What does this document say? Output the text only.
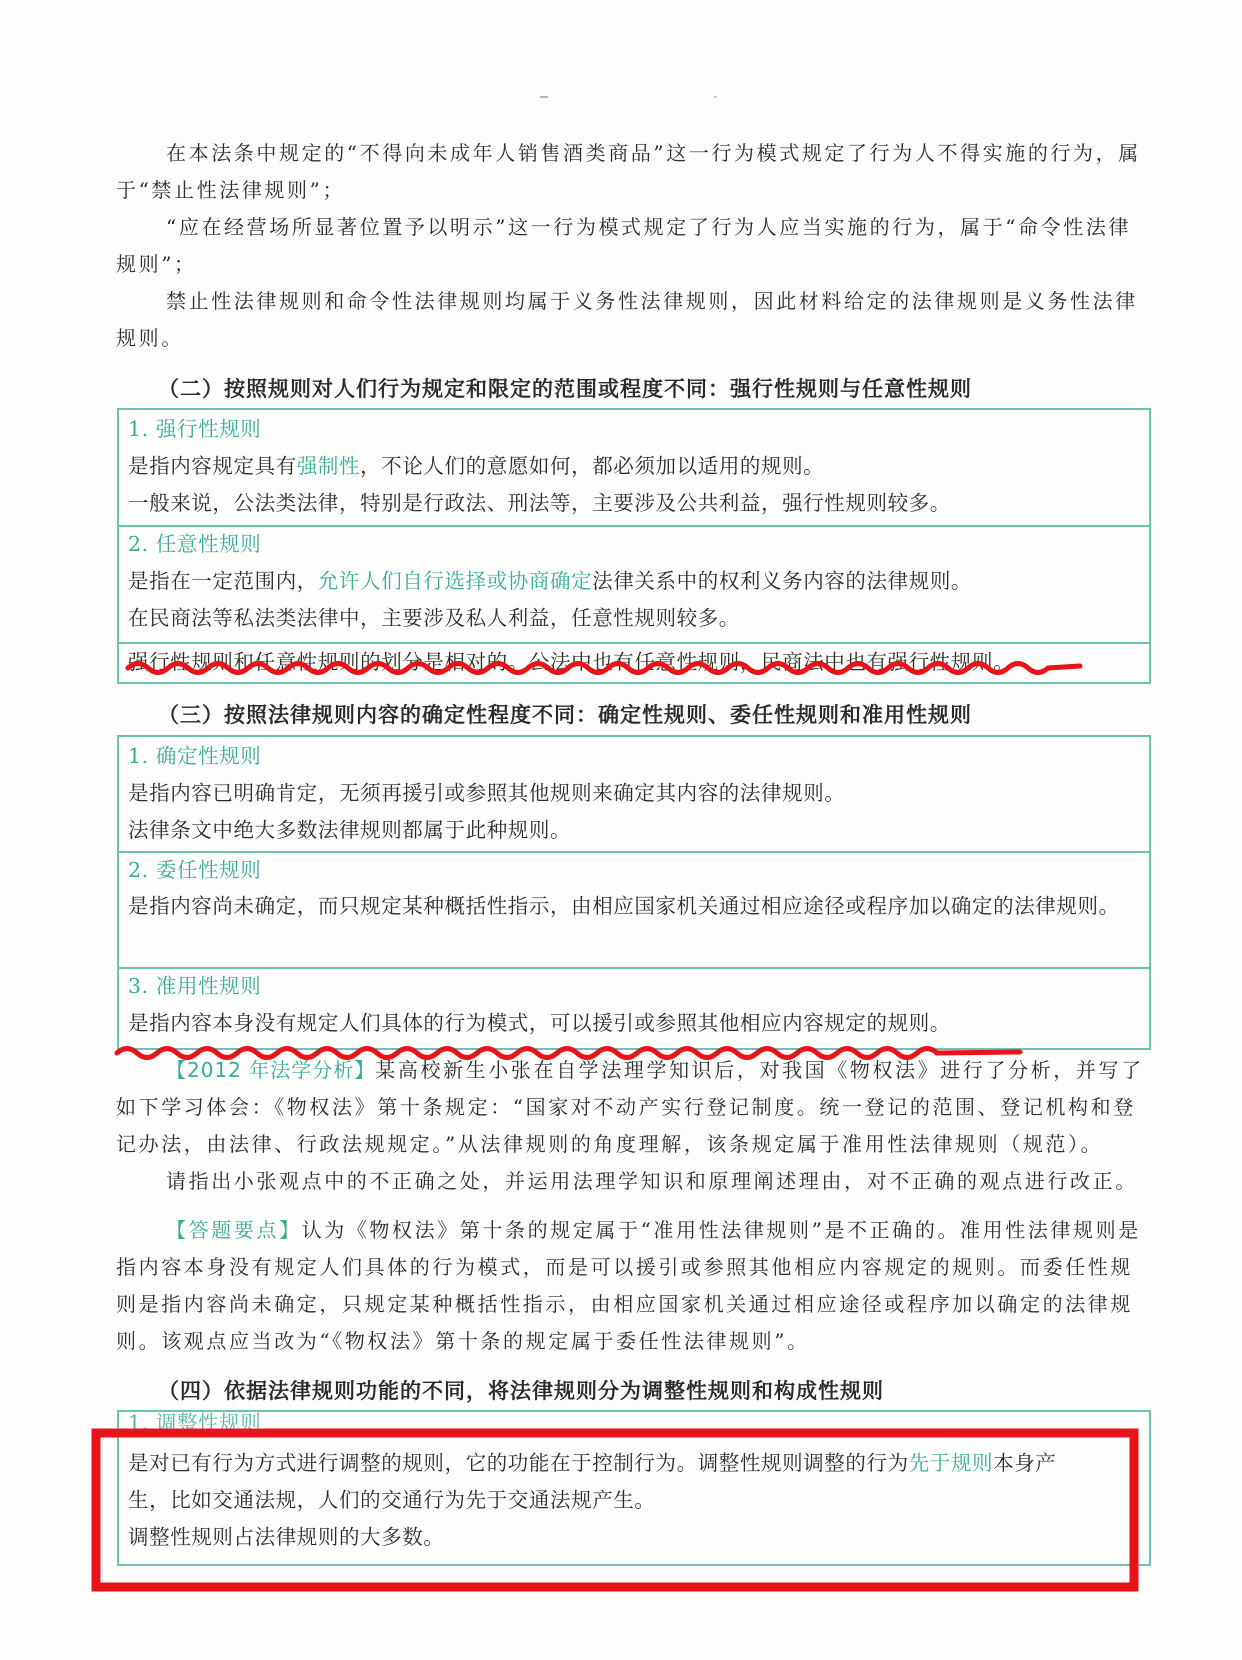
在本法条中规定的“不得向未成年人销售酒类商品”这一行为模式规定了行为人不得实施的行为，属于“禁止性法律规则”；
“应在经营场所显著位置予以明示”这一行为模式规定了行为人应当实施的行为，属于“命令性法律规则”；
禁止性法律规则和命令性法律规则均属于义务性法律规则，因此材料给定的法律规则是义务性法律规则。
（二）按照规则对人们行为规定和限定的范围或程度不同：强行性规则与任意性规则
1. 强行性规则
是指内容规定具有强制性，不论人们的意愿如何，都必须加以适用的规则。
一般来说，公法类法律，特别是行政法、刑法等，主要涉及公共利益，强行性规则较多。
2. 任意性规则
是指在一定范围内，允许人们自行选择或协商确定法律关系中的权利义务内容的法律规则。
在民商法等私法类法律中，主要涉及私人利益，任意性规则较多。
强行性规则和任意性规则的划分是相对的。公法中也有任意性规则，民商法中也有强行性规则。
（三）按照法律规则内容的确定性程度不同：确定性规则、委任性规则和准用性规则
1. 确定性规则
是指内容已明确肯定，无须再援引或参照其他规则来确定其内容的法律规则。
法律条文中绝大多数法律规则都属于此种规则。
2. 委任性规则
是指内容尚未确定，而只规定某种概括性指示，由相应国家机关通过相应途径或程序加以确定的法律规则。
3. 准用性规则
是指内容本身没有规定人们具体的行为模式，可以援引或参照其他相应内容规定的规则。
【2012 年法学分析】某高校新生小张在自学法理学知识后，对我国《物权法》进行了分析，并写了如下学习体会：《物权法》第十条规定：“国家对不动产实行登记制度。统一登记的范围、登记机构和登记办法，由法律、行政法规规定。”从法律规则的角度理解，该条规定属于准用性法律规则（规范）。
请指出小张观点中的不正确之处，并运用法理学知识和原理阐述理由，对不正确的观点进行改正。
【答题要点】认为《物权法》第十条的规定属于“准用性法律规则”是不正确的。准用性法律规则是指内容本身没有规定人们具体的行为模式，而是可以援引或参照其他相应内容规定的规则。而委任性规则是指内容尚未确定，只规定某种概括性指示，由相应国家机关通过相应途径或程序加以确定的法律规则。该观点应当改为“《物权法》第十条的规定属于委任性法律规则”。
（四）依据法律规则功能的不同，将法律规则分为调整性规则和构成性规则
1. 调整性规则
是对已有行为方式进行调整的规则，它的功能在于控制行为。调整性规则调整的行为先于规则本身产
生，比如交通法规，人们的交通行为先于交通法规产生。
调整性规则占法律规则的大多数。
